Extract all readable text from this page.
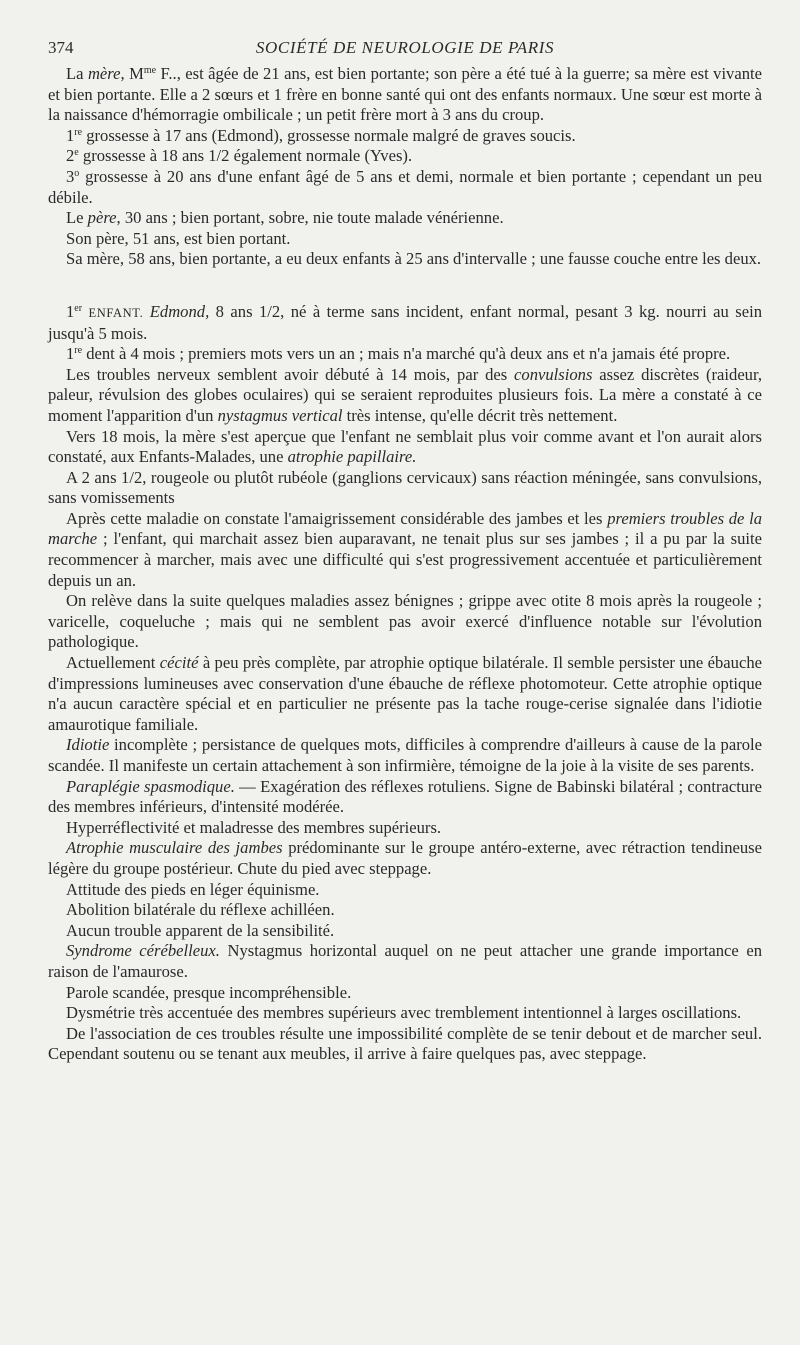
374	SOCIÉTÉ DE NEUROLOGIE DE PARIS

La mère, $M^{me}$ F.., est âgée de 21 ans, est bien portante; son père a été tué à la guerre; sa mère est vivante et bien portante. Elle a 2 sœurs et 1 frère en bonne santé qui ont des enfants normaux. Une sœur est morte à la naissance d'hémorragie ombilicale ; un petit frère mort à 3 ans du croup.

1re grossesse à 17 ans (Edmond), grossesse normale malgré de graves soucis.

2e grossesse à 18 ans 1/2 également normale (Yves).

3$^o$ grossesse à 20 ans d'une enfant âgé de 5 ans et demi, normale et bien portante ; cependant un peu débile.

Le père, 30 ans ; bien portant, sobre, nie toute malade vénérienne.

Son père, 51 ans, est bien portant.

Sa mère, 58 ans, bien portante, a eu deux enfants à 25 ans d'intervalle ; une fausse couche entre les deux.

1er ENFANT. Edmond, 8 ans 1/2, né à terme sans incident, enfant normal, pesant 3 kg. nourri au sein jusqu'à 5 mois.

1re dent à 4 mois ; premiers mots vers un an ; mais n'a marché qu'à deux ans et n'a jamais été propre.

Les troubles nerveux semblent avoir débuté à 14 mois, par des convulsions assez discrètes (raideur, paleur, révulsion des globes oculaires) qui se seraient reproduites plusieurs fois. La mère a constaté à ce moment l'apparition d'un nystagmus vertical très intense, qu'elle décrit très nettement.

Vers 18 mois, la mère s'est aperçue que l'enfant ne semblait plus voir comme avant et l'on aurait alors constaté, aux Enfants-Malades, une atrophie papillaire.

A 2 ans 1/2, rougeole ou plutôt rubéole (ganglions cervicaux) sans réaction méningée, sans convulsions, sans vomissements

Après cette maladie on constate l'amaigrissement considérable des jambes et les premiers troubles de la marche ; l'enfant, qui marchait assez bien auparavant, ne tenait plus sur ses jambes ; il a pu par la suite recommencer à marcher, mais avec une difficulté qui s'est progressivement accentuée et particulièrement depuis un an.

On relève dans la suite quelques maladies assez bénignes ; grippe avec otite 8 mois après la rougeole ; varicelle, coqueluche ; mais qui ne semblent pas avoir exercé d'influence notable sur l'évolution pathologique.

Actuellement cécité à peu près complète, par atrophie optique bilatérale. Il semble persister une ébauche d'impressions lumineuses avec conservation d'une ébauche de réflexe photomoteur. Cette atrophie optique n'a aucun caractère spécial et en particulier ne présente pas la tache rouge-cerise signalée dans l'idiotie amaurotique familiale.

Idiotie incomplète ; persistance de quelques mots, difficiles à comprendre d'ailleurs à cause de la parole scandée. Il manifeste un certain attachement à son infirmière, témoigne de la joie à la visite de ses parents.

Paraplégie spasmodique. — Exagération des réflexes rotuliens. Signe de Babinski bilatéral ; contracture des membres inférieurs, d'intensité modérée.

Hyperréflectivité et maladresse des membres supérieurs.

Atrophie musculaire des jambes prédominante sur le groupe antéro-externe, avec rétraction tendineuse légère du groupe postérieur. Chute du pied avec steppage.

Attitude des pieds en léger équinisme.

Abolition bilatérale du réflexe achilléen.

Aucun trouble apparent de la sensibilité.

Syndrome cérébelleux. Nystagmus horizontal auquel on ne peut attacher une grande importance en raison de l'amaurose.

Parole scandée, presque incompréhensible.

Dysmétrie très accentuée des membres supérieurs avec tremblement intentionnel à larges oscillations.

De l'association de ces troubles résulte une impossibilité complète de se tenir debout et de marcher seul. Cependant soutenu ou se tenant aux meubles, il arrive à faire quelques pas, avec steppage.
